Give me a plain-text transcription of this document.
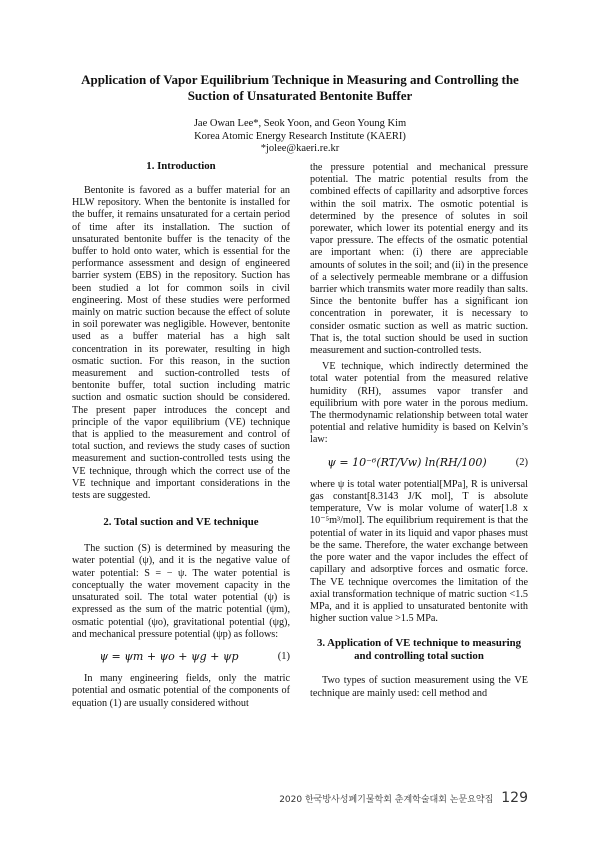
Application of Vapor Equilibrium Technique in Measuring and Controlling the Suction of Unsaturated Bentonite Buffer
Jae Owan Lee*, Seok Yoon, and Geon Young Kim
Korea Atomic Energy Research Institute (KAERI)
*jolee@kaeri.re.kr
1. Introduction

Bentonite is favored as a buffer material for an HLW repository. When the bentonite is installed for the buffer, it remains unsaturated for a certain period of time after its installation. The suction of unsaturated bentonite buffer is the tenacity of the buffer to hold onto water, which is essential for the performance assessment and design of engineered barrier system (EBS) in the repository. Suction has been studied a lot for common soils in civil engineering. Most of these studies were performed mainly on matric suction because the effect of solute in soil porewater was negligible. However, bentonite used as a buffer material has a high salt concentration in its porewater, resulting in high osmatic suction. For this reason, in the suction measurement and suction-controlled tests of bentonite buffer, total suction including matric suction and osmatic suction should be considered. The present paper introduces the concept and principle of the vapor equilibrium (VE) technique that is applied to the measurement and control of total suction, and reviews the study cases of suction measurement and suction-controlled tests using the VE technique, through which the correct use of the VE technique and important considerations in the tests are suggested.

2. Total suction and VE technique

The suction (S) is determined by measuring the water potential (ψ), and it is the negative value of water potential: S = − ψ. The water potential is conceptually the water movement capacity in the unsaturated soil. The total water potential (ψ) is expressed as the sum of the matric potential (ψm), osmatic potential (ψo), gravitational potential (ψg), and mechanical pressure potential (ψp) as follows:

ψ = ψm + ψo + ψg + ψp	(1)

In many engineering fields, only the matric potential and osmatic potential of the components of equation (1) are usually considered without

the pressure potential and mechanical pressure potential. The matric potential results from the combined effects of capillarity and adsorptive forces within the soil matrix. The osmotic potential is determined by the presence of solutes in soil porewater, which lower its potential energy and its vapor pressure. The effects of the osmatic potential are important when: (i) there are appreciable amounts of solutes in the soil; and (ii) in the presence of a selectively permeable membrane or a diffusion barrier which transmits water more readily than salts. Since the bentonite buffer has a significant ion concentration in porewater, it is necessary to consider osmatic suction as well as matric suction. That is, the total suction should be used in suction measurement and suction-controlled tests.

VE technique, which indirectly determined the total water potential from the measured relative humidity (RH), assumes vapor transfer and equilibrium with pore water in the porous medium. The thermodynamic relationship between total water potential and relative humidity is based on Kelvin’s law:

ψ = 10⁻⁶(RT/Vw) ln(RH/100)	(2)

where ψ is total water potential[MPa], R is universal gas constant[8.3143 J/K mol], T is absolute temperature, Vw is molar volume of water[1.8 x 10⁻⁵m³/mol]. The equilibrium requirement is that the potential of water in its liquid and vapor phases must be the same. Therefore, the water exchange between the pore water and the vapor includes the effect of capillary and adsorptive forces and osmatic force. The VE technique overcomes the limitation of the axial transformation technique of matric suction <1.5 MPa, and it is applied to unsaturated bentonite with higher suction value >1.5 MPa.

3. Application of VE technique to measuring and controlling total suction

Two types of suction measurement using the VE technique are mainly used: cell method and

2020 한국방사성폐기물학회 춘계학술대회 논문요약집 129
